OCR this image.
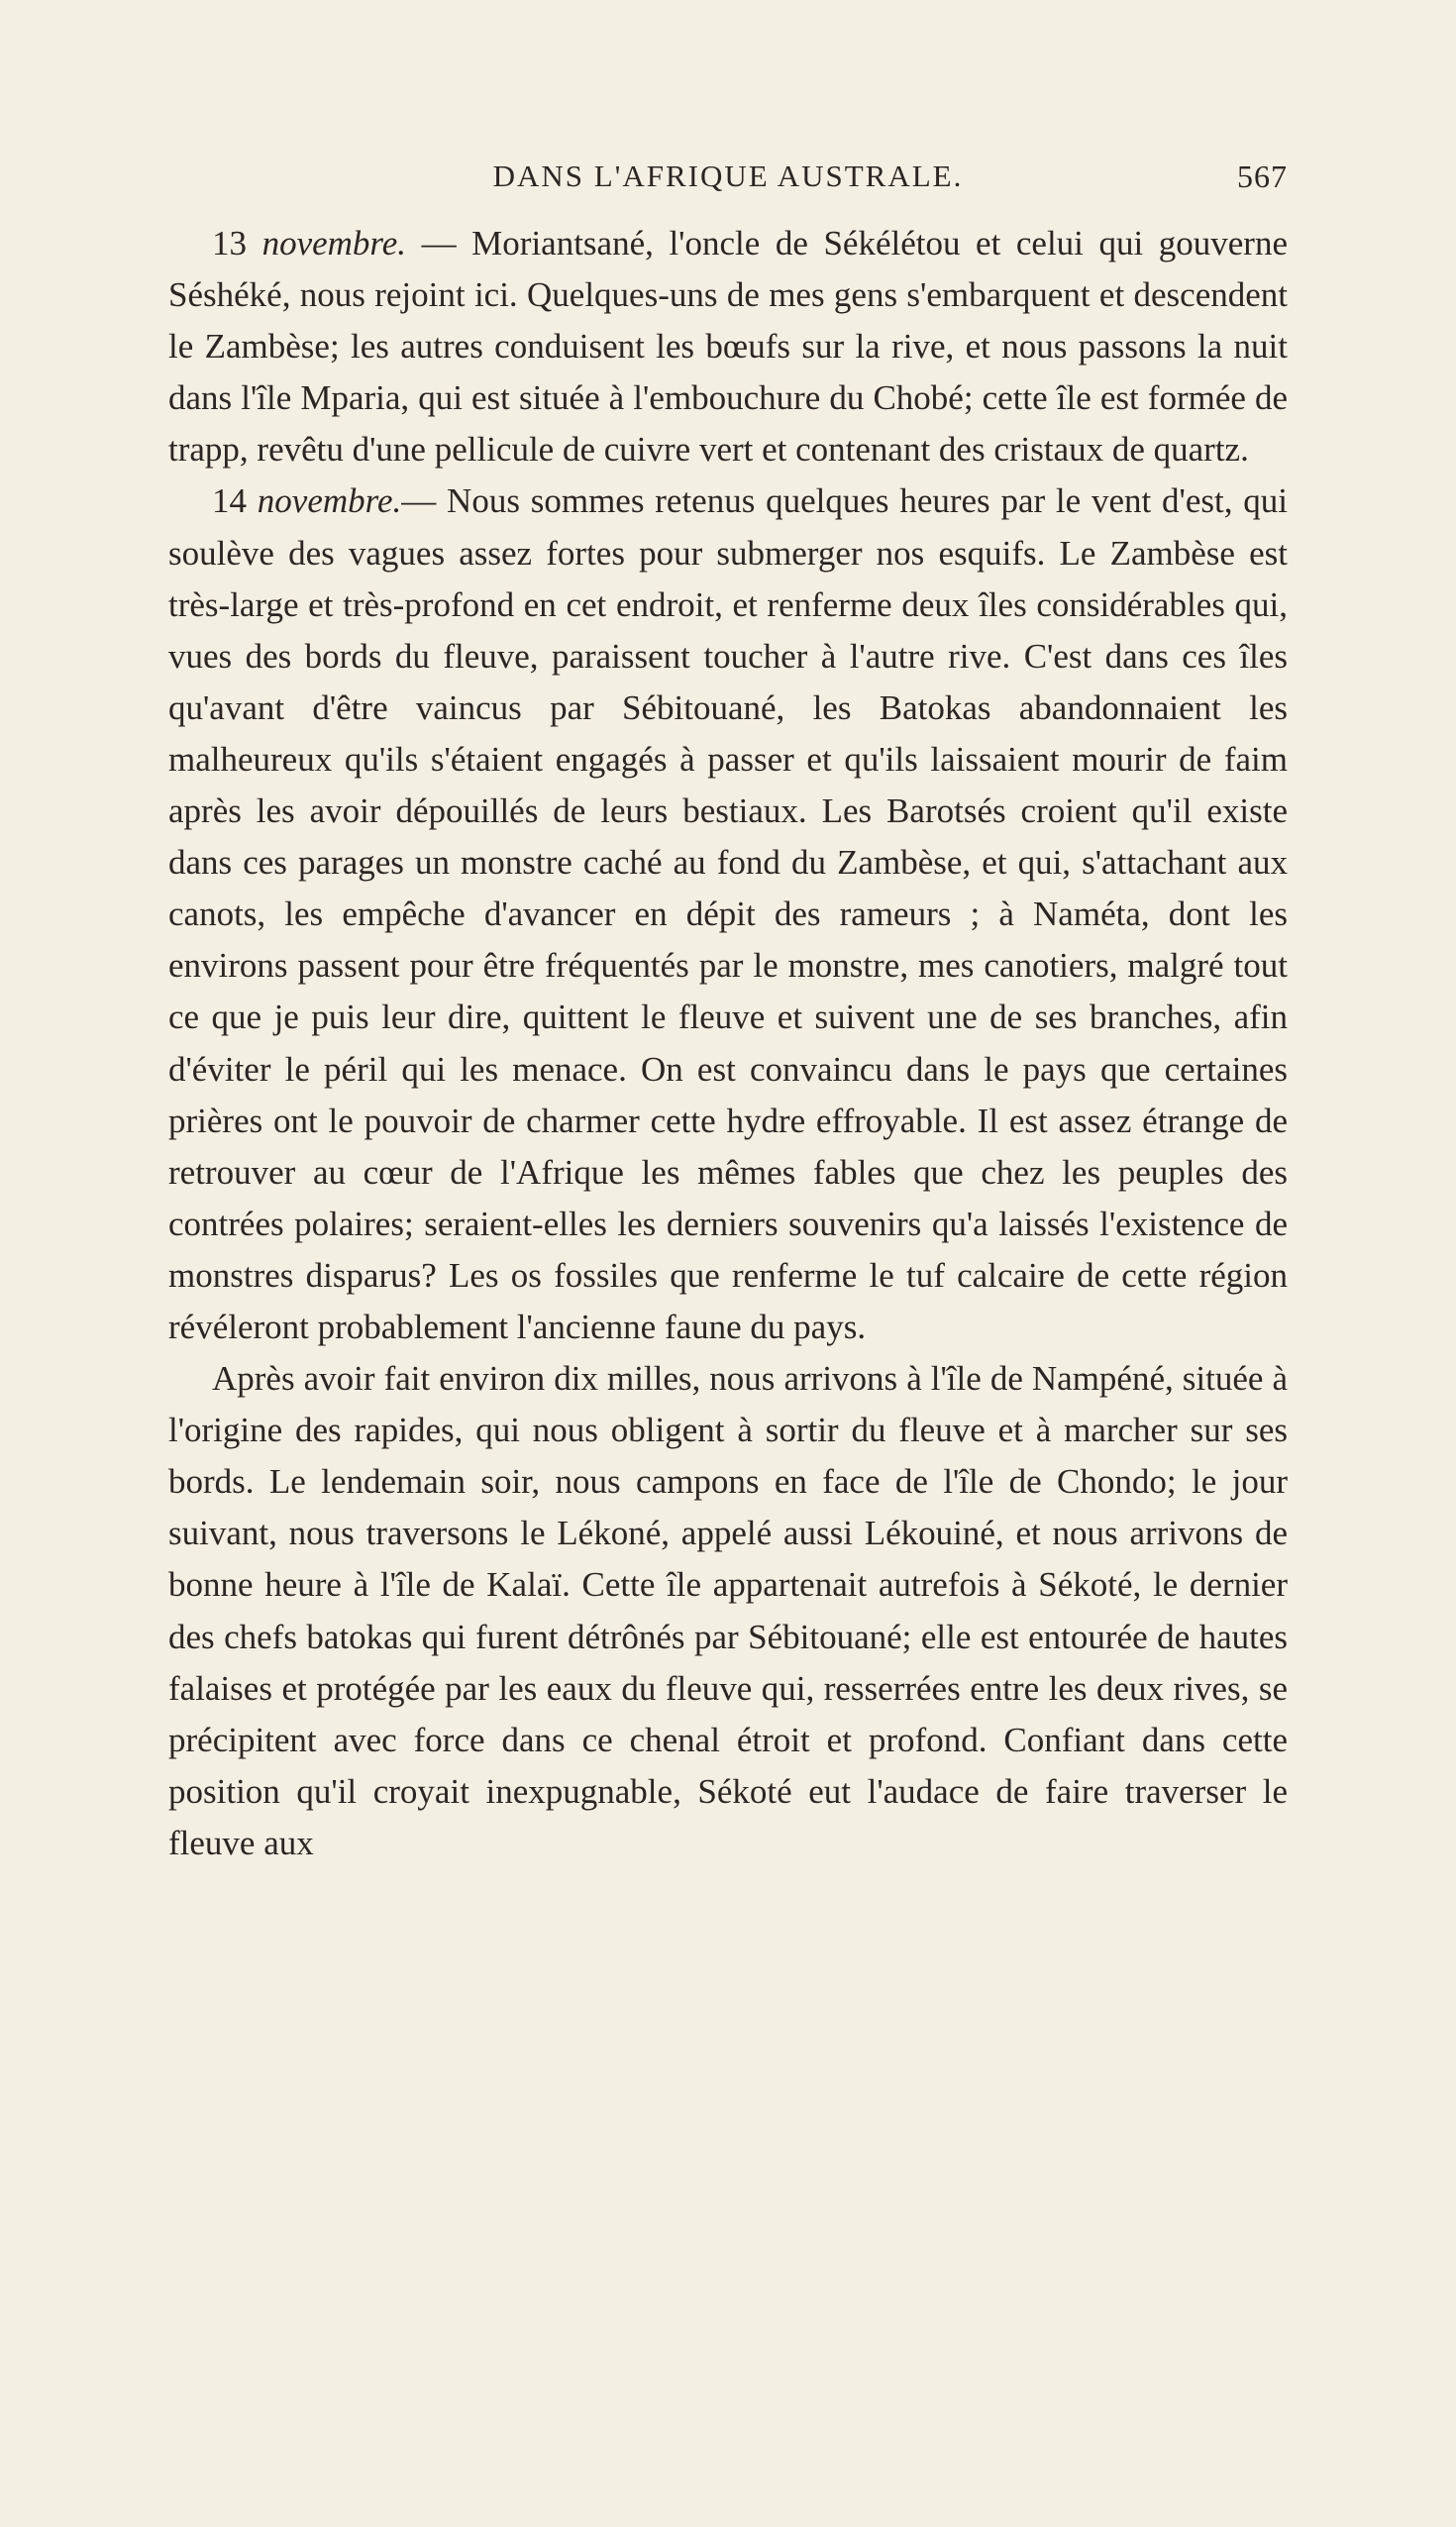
DANS L'AFRIQUE AUSTRALE.	567

13 novembre. — Moriantsané, l'oncle de Sékélétou et celui qui gouverne Séshéké, nous rejoint ici. Quelques-uns de mes gens s'embarquent et descendent le Zambèse; les autres conduisent les bœufs sur la rive, et nous passons la nuit dans l'île Mparia, qui est située à l'embouchure du Chobé; cette île est formée de trapp, revêtu d'une pellicule de cuivre vert et contenant des cristaux de quartz.

14 novembre.— Nous sommes retenus quelques heures par le vent d'est, qui soulève des vagues assez fortes pour submerger nos esquifs. Le Zambèse est très-large et très-profond en cet endroit, et renferme deux îles considérables qui, vues des bords du fleuve, paraissent toucher à l'autre rive. C'est dans ces îles qu'avant d'être vaincus par Sébitouané, les Batokas abandonnaient les malheureux qu'ils s'étaient engagés à passer et qu'ils laissaient mourir de faim après les avoir dépouillés de leurs bestiaux. Les Barotsés croient qu'il existe dans ces parages un monstre caché au fond du Zambèse, et qui, s'attachant aux canots, les empêche d'avancer en dépit des rameurs ; à Naméta, dont les environs passent pour être fréquentés par le monstre, mes canotiers, malgré tout ce que je puis leur dire, quittent le fleuve et suivent une de ses branches, afin d'éviter le péril qui les menace. On est convaincu dans le pays que certaines prières ont le pouvoir de charmer cette hydre effroyable. Il est assez étrange de retrouver au cœur de l'Afrique les mêmes fables que chez les peuples des contrées polaires; seraient-elles les derniers souvenirs qu'a laissés l'existence de monstres disparus? Les os fossiles que renferme le tuf calcaire de cette région révéleront probablement l'ancienne faune du pays.

Après avoir fait environ dix milles, nous arrivons à l'île de Nampéné, située à l'origine des rapides, qui nous obligent à sortir du fleuve et à marcher sur ses bords. Le lendemain soir, nous campons en face de l'île de Chondo; le jour suivant, nous traversons le Lékoné, appelé aussi Lékouiné, et nous arrivons de bonne heure à l'île de Kalaï. Cette île appartenait autrefois à Sékoté, le dernier des chefs batokas qui furent détrônés par Sébitouané; elle est entourée de hautes falaises et protégée par les eaux du fleuve qui, resserrées entre les deux rives, se précipitent avec force dans ce chenal étroit et profond. Confiant dans cette position qu'il croyait inexpugnable, Sékoté eut l'audace de faire traverser le fleuve aux
